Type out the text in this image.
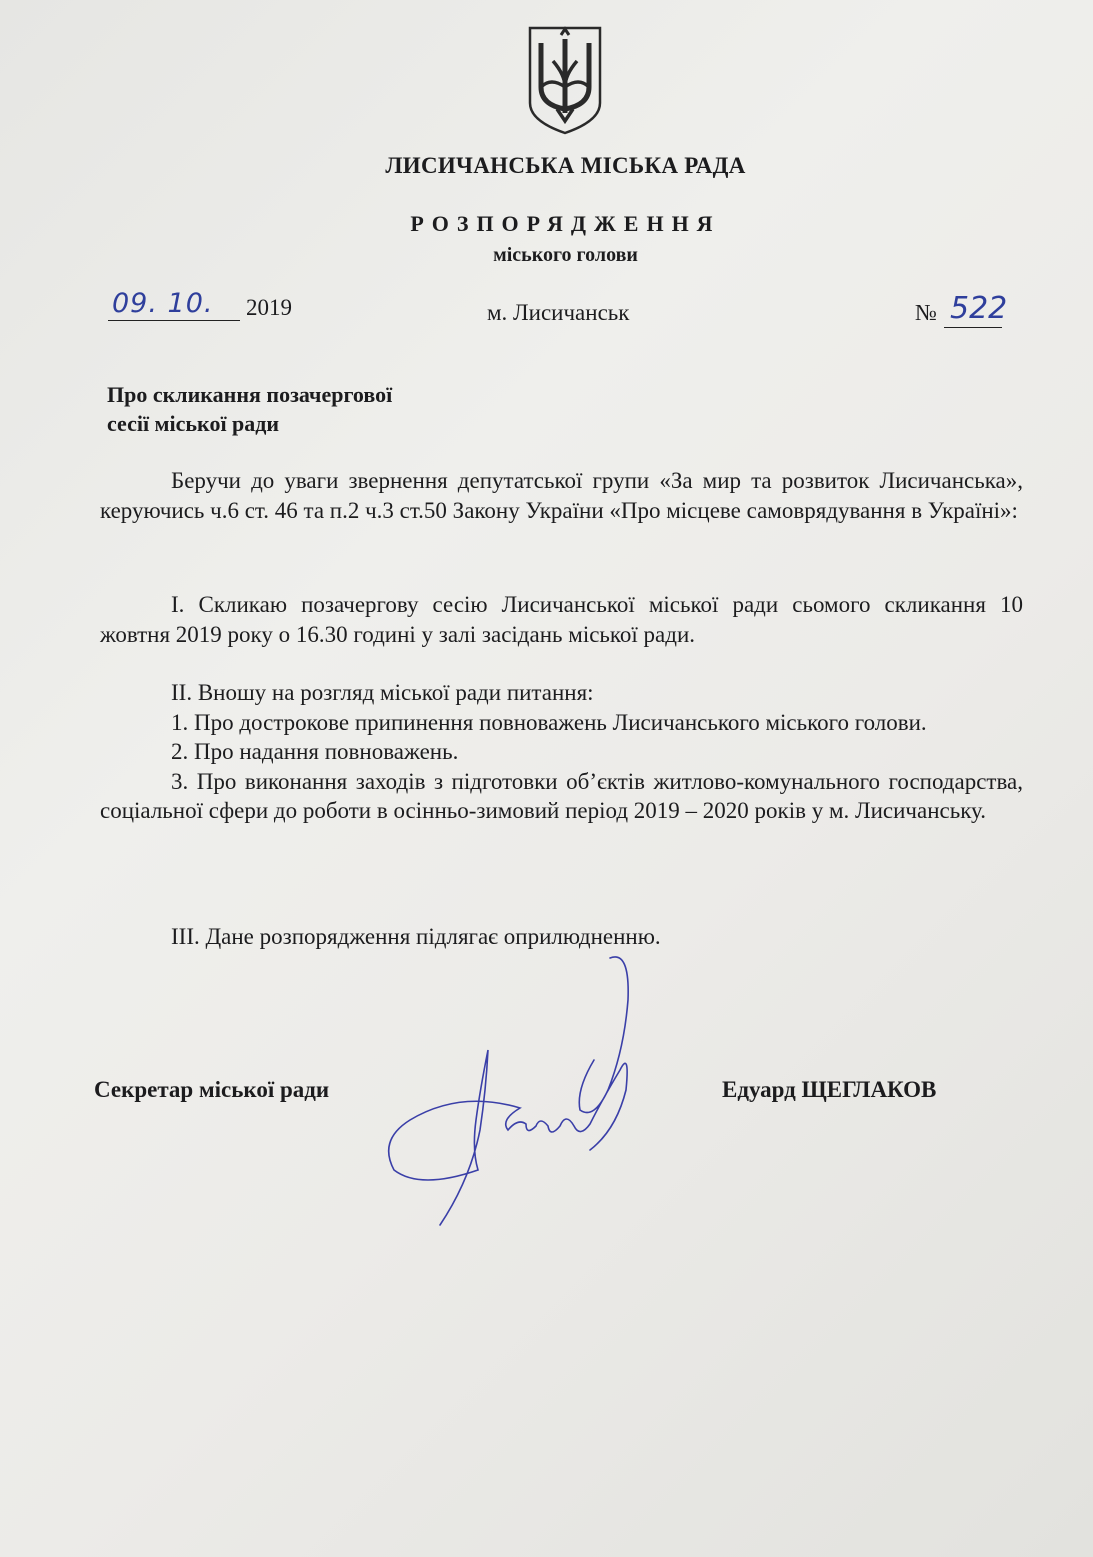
ЛИСИЧАНСЬКА МІСЬКА РАДА
РОЗПОРЯДЖЕННЯ
міського голови
09. 10. 2019	м. Лисичанськ	№ 522
Про скликання позачергової
сесії міської ради

Беручи до уваги звернення депутатської групи «За мир та розвиток Лисичанська», керуючись ч.6 ст. 46 та п.2 ч.3 ст.50 Закону України «Про місцеве самоврядування в Україні»:

І. Скликаю позачергову сесію Лисичанської міської ради сьомого скликання 10 жовтня 2019 року о 16.30 годині у залі засідань міської ради.

ІІ. Вношу на розгляд міської ради питання:

1. Про дострокове припинення повноважень Лисичанського міського голови.

2. Про надання повноважень.

3. Про виконання заходів з підготовки об’єктів житлово-комунального господарства, соціальної сфери до роботи в осінньо-зимовий період 2019 – 2020 років у м. Лисичанську.

ІІІ. Дане розпорядження підлягає оприлюдненню.

Секретар міської ради	Едуард ЩЕГЛАКОВ
